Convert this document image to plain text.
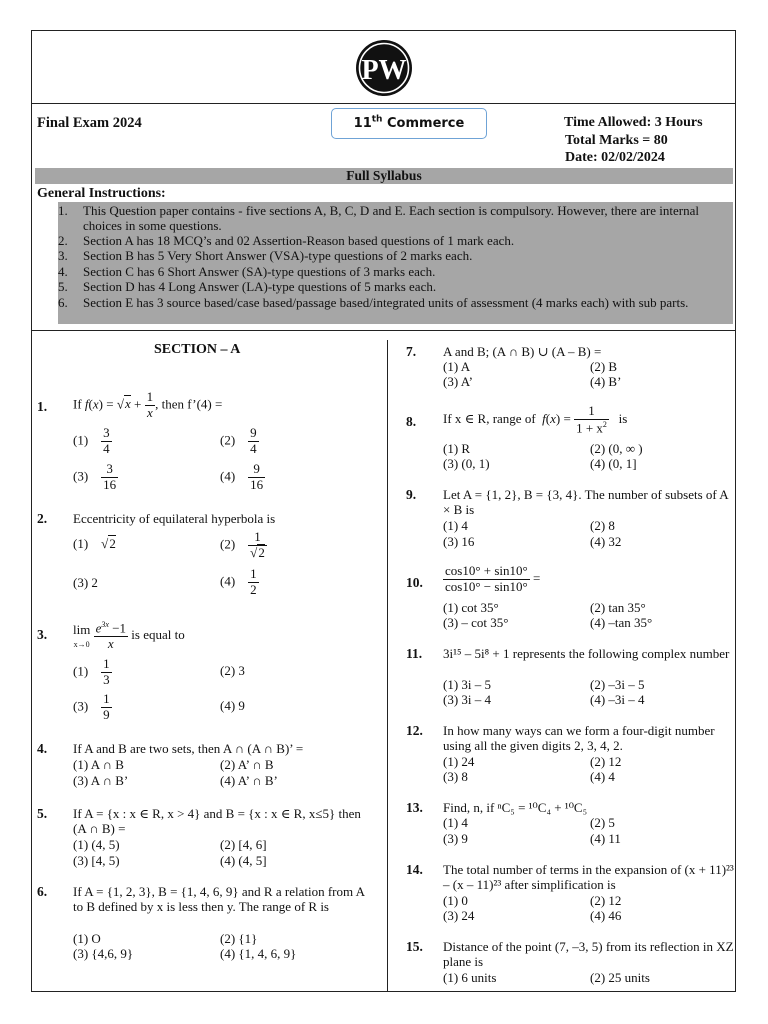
PW
Final Exam 2024	11th Commerce	Time Allowed: 3 Hours
Total Marks = 80
Date: 02/02/2024
Full Syllabus
General Instructions:
1. This Question paper contains - five sections A, B, C, D and E. Each section is compulsory. However, there are internal choices in some questions.
2. Section A has 18 MCQ’s and 02 Assertion-Reason based questions of 1 mark each.
3. Section B has 5 Very Short Answer (VSA)-type questions of 2 marks each.
4. Section C has 6 Short Answer (SA)-type questions of 3 marks each.
5. Section D has 4 Long Answer (LA)-type questions of 5 marks each.
6. Section E has 3 source based/case based/passage based/integrated units of assessment (4 marks each) with sub parts.
SECTION – A
1. If $f(x) = √x + \frac{1}{x}$ , then f’(4) =
$(1) \frac{3}{4}$	$(2) \frac{9}{4}$
$(3) \frac{3}{16}$	$(4) \frac{9}{16}$
2. Eccentricity of equilateral hyperbola is
(1)    √2	$(2) \frac{1}{√2}$
(3) 2	$(4) \frac{1}{2}$
3. lim
$x\to 0 \frac{e^{3x} -1}{x}$ is equal to
$(1) \frac{1}{3}$	(2) 3
$(3) \frac{1}{9}$	(4) 9
4. If A and B are two sets, then A ∩ (A ∩ B)’ =
(1) A ∩ B	(2) A’ ∩ B
(3) A ∩ B’	(4) A’ ∩ B’
5. If A = {x : x ∈ R, x > 4} and B = {x : x ∈ R, x≤5} then (A ∩ B) =
(1) (4, 5)	(2) [4, 6]
(3) [4, 5)	(4) (4, 5]
6. If A = {1, 2, 3}, B = {1, 4, 6, 9} and R a relation from A to B defined by x is less then y. The range of R is
(1) O	(2) {1}
(3) {4,6, 9}	(4) {1, 4, 6, 9}
7. A and B; (A ∩ B) ∪ (A – B) =
(1) A	(2) B
(3) A’	(4) B’
8. If x ∈ R, range of $f(x) = \frac{1}{1 + x^2}$ is
(1) R	(2) (0, ∞ )
(3) (0, 1)	(4) (0, 1]
9. Let A = {1, 2}, B = {3, 4}. The number of subsets of A × B is
(1) 4	(2) 8
(3) 16	(4) 32
10. $\frac{\cos 10^\circ + \sin 10^\circ}{\cos 10^\circ - \sin 10^\circ}$ =
(1) cot 35°	(2) tan 35°
(3) – cot 35°	(4) –tan 35°
11. 3i¹⁵ – 5i⁸ + 1 represents the following complex number
(1) 3i – 5	(2) –3i – 5
(3) 3i – 4	(4) –3i – 4
12. In how many ways can we form a four-digit number using all the given digits 2, 3, 4, 2.
(1) 24	(2) 12
(3) 8	(4) 4
13. Find, n, if ⁿC₅ = ¹⁰C₄ + ¹⁰C₅
(1) 4	(2) 5
(3) 9	(4) 11
14. The total number of terms in the expansion of (x + 11)²³ – (x – 11)²³ after simplification is
(1) 0	(2) 12
(3) 24	(4) 46
15. Distance of the point (7, –3, 5) from its reflection in XZ plane is
(1) 6 units	(2) 25 units
